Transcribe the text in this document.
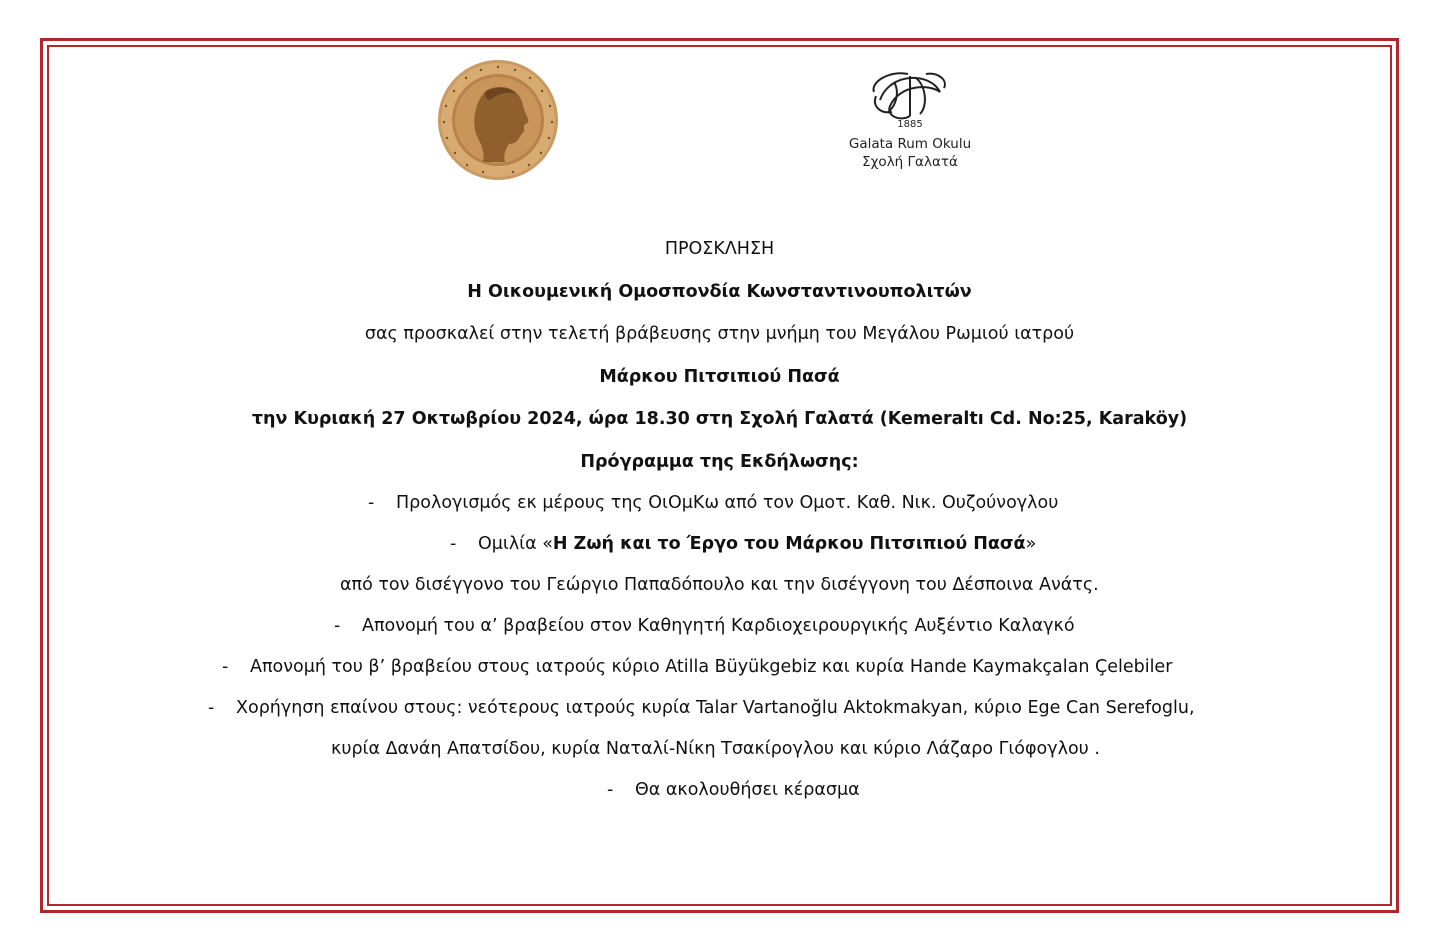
1885
Galata Rum Okulu
Σχολή Γαλατά
ΠΡΟΣΚΛΗΣΗ
Η Οικουμενική Ομοσπονδία Κωνσταντινουπολιτών
σας προσκαλεί στην τελετή βράβευσης στην μνήμη του Μεγάλου Ρωμιού ιατρού
Μάρκου Πιτσιπιού Πασά
την Κυριακή 27 Οκτωβρίου 2024, ώρα 18.30 στη Σχολή Γαλατά (Kemeraltı Cd. No:25, Karaköy)
Πρόγραμμα της Εκδήλωσης:
- Προλογισμός εκ μέρους της ΟιΟμΚω από τον Ομοτ. Καθ. Νικ. Ουζούνογλου
- Ομιλία «Η Ζωή και το Έργο του Μάρκου Πιτσιπιού Πασά»
από τον δισέγγονο του Γεώργιο Παπαδόπουλο και την δισέγγονη του Δέσποινα Ανάτς.
- Απονομή του α’ βραβείου στον Καθηγητή Καρδιοχειρουργικής Αυξέντιο Καλαγκό
- Απονομή του β’ βραβείου στους ιατρούς κύριο Atilla Büyükgebiz και κυρία Hande Kaymakçalan Çelebiler
- Χορήγηση επαίνου στους: νεότερους ιατρούς κυρία Talar Vartanoğlu Aktokmakyan, κύριο Ege Can Serefoglu,
κυρία Δανάη Απατσίδου, κυρία Ναταλί-Νίκη Τσακίρογλου και κύριο Λάζαρο Γιόφογλου .
- Θα ακολουθήσει κέρασμα
